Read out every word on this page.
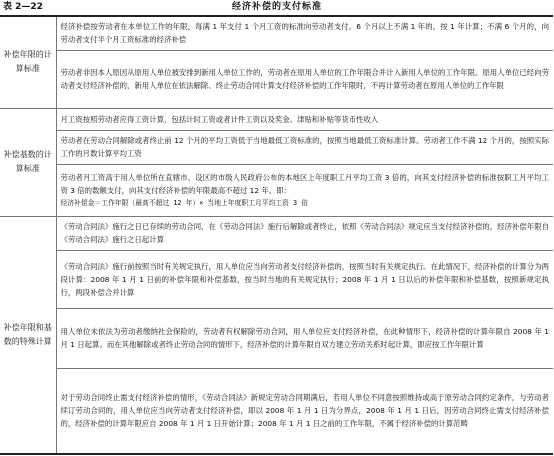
表 2—22	经济补偿的支付标准
补偿年限的计算标准	经济补偿按劳动者在本单位工作的年限，每满 1 年支付 1 个月工资的标准向劳动者支付。6 个月以上不满 1 年的，按 1 年计算；不满 6 个月的，向劳动者支付半个月工资标准的经济补偿
	劳动者非因本人原因从原用人单位被安排到新用人单位工作的，劳动者在原用人单位的工作年限合并计入新用人单位的工作年限。原用人单位已经向劳动者支付经济补偿的，新用人单位在依法解除、终止劳动合同计算支付经济补偿的工作年限时，不再计算劳动者在原用人单位的工作年限
补偿基数的计算标准	月工资按照劳动者应得工资计算，包括计时工资或者计件工资以及奖金、津贴和补贴等货币性收入
	劳动者在劳动合同解除或者终止前 12 个月的平均工资低于当地最低工资标准的，按照当地最低工资标准计算。劳动者工作不满 12 个月的，按照实际工作的月数计算平均工资

	劳动者月工资高于用人单位所在直辖市、设区的市级人民政府公布的本地区上年度职工月平均工资 3 倍的，向其支付经济补偿的标准按职工月平均工资 3 倍的数额支付，向其支付经济补偿的年限最高不超过 12 年。即：
经济补偿金＝工作年限（最高不超过 12 年）× 当地上年度职工月平均工资 3 倍

补偿年限和基数的特殊计算	《劳动合同法》施行之日已存续的劳动合同，在《劳动合同法》施行后解除或者终止，依照《劳动合同法》规定应当支付经济补偿的，经济补偿年限自《劳动合同法》施行之日起计算
	《劳动合同法》施行前按照当时有关规定执行，用人单位应当向劳动者支付经济补偿的，按照当时有关规定执行。在此情况下，经济补偿的计算分为两段计算：2008 年 1 月 1 日前的补偿年限和补偿基数，按当时当地的有关规定执行；2008 年 1 月 1 日以后的补偿年限和补偿基数，按照新规定执行，两段补偿合并计算
	用人单位未依法为劳动者缴纳社会保险的，劳动者有权解除劳动合同，用人单位应支付经济补偿，在此种情形下，经济补偿的计算年限自 2008 年 1 月 1 日起算。而在其他解除或者终止劳动合同的情形下，经济补偿的计算年限自双方建立劳动关系时起计算，即应按工作年限计算
	对于劳动合同终止需支付经济补偿的情形，《劳动合同法》新规定劳动合同期满后，若用人单位不同意按照维持或高于原劳动合同约定条件，与劳动者续订劳动合同的，用人单位应当向劳动者支付经济补偿，即以 2008 年 1 月 1 日为分界点，2008 年 1 月 1 日后，因劳动合同终止需支付经济补偿的，经济补偿的计算年限应自 2008 年 1 月 1 日开始计算；2008 年 1 月 1 日之前的工作年限，不属于经济补偿的计算范畴
